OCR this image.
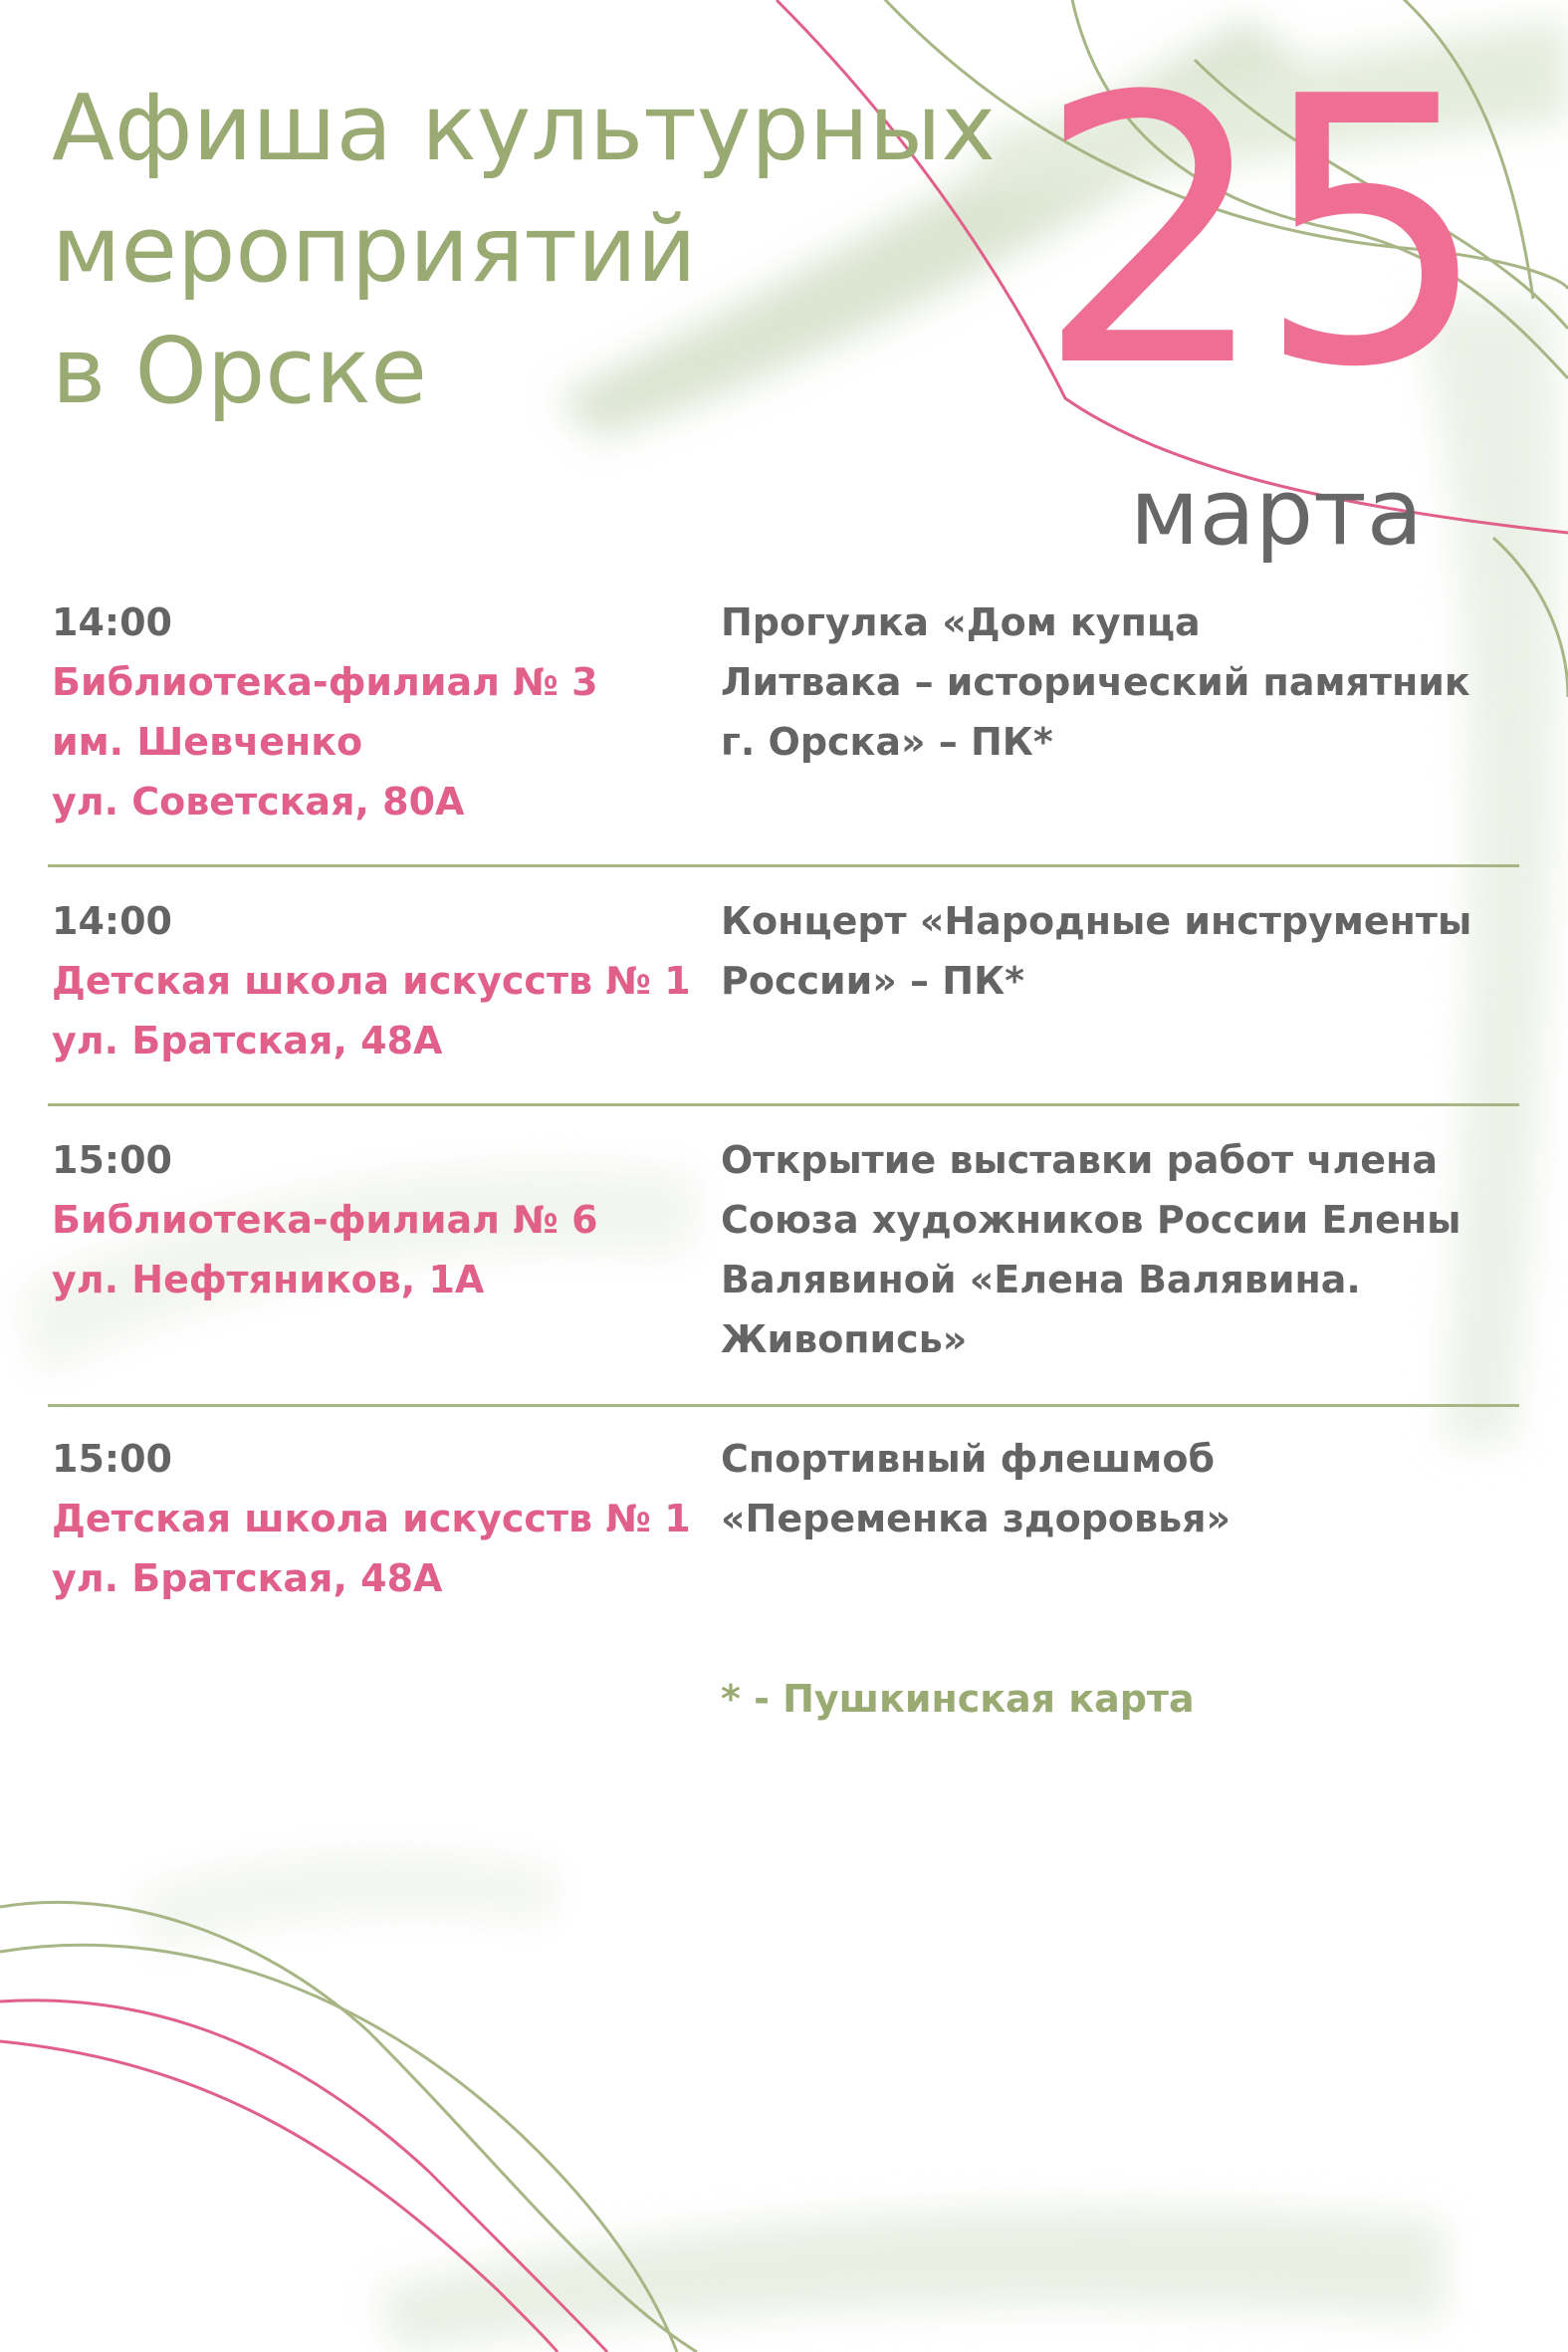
Афиша культурных
мероприятий
в Орске	25
марта
14:00
Библиотека-филиал № 3
им. Шевченко
ул. Советская, 80А
Прогулка «Дом купца
Литвака – исторический памятник
г. Орска» – ПК*
14:00
Детская школа искусств № 1
ул. Братская, 48А
Концерт «Народные инструменты
России» – ПК*
15:00
Библиотека-филиал № 6
ул. Нефтяников, 1А
Открытие выставки работ члена
Союза художников России Елены
Валявиной «Елена Валявина.
Живопись»
15:00
Детская школа искусств № 1
ул. Братская, 48А
Спортивный флешмоб
«Переменка здоровья»
* - Пушкинская карта
